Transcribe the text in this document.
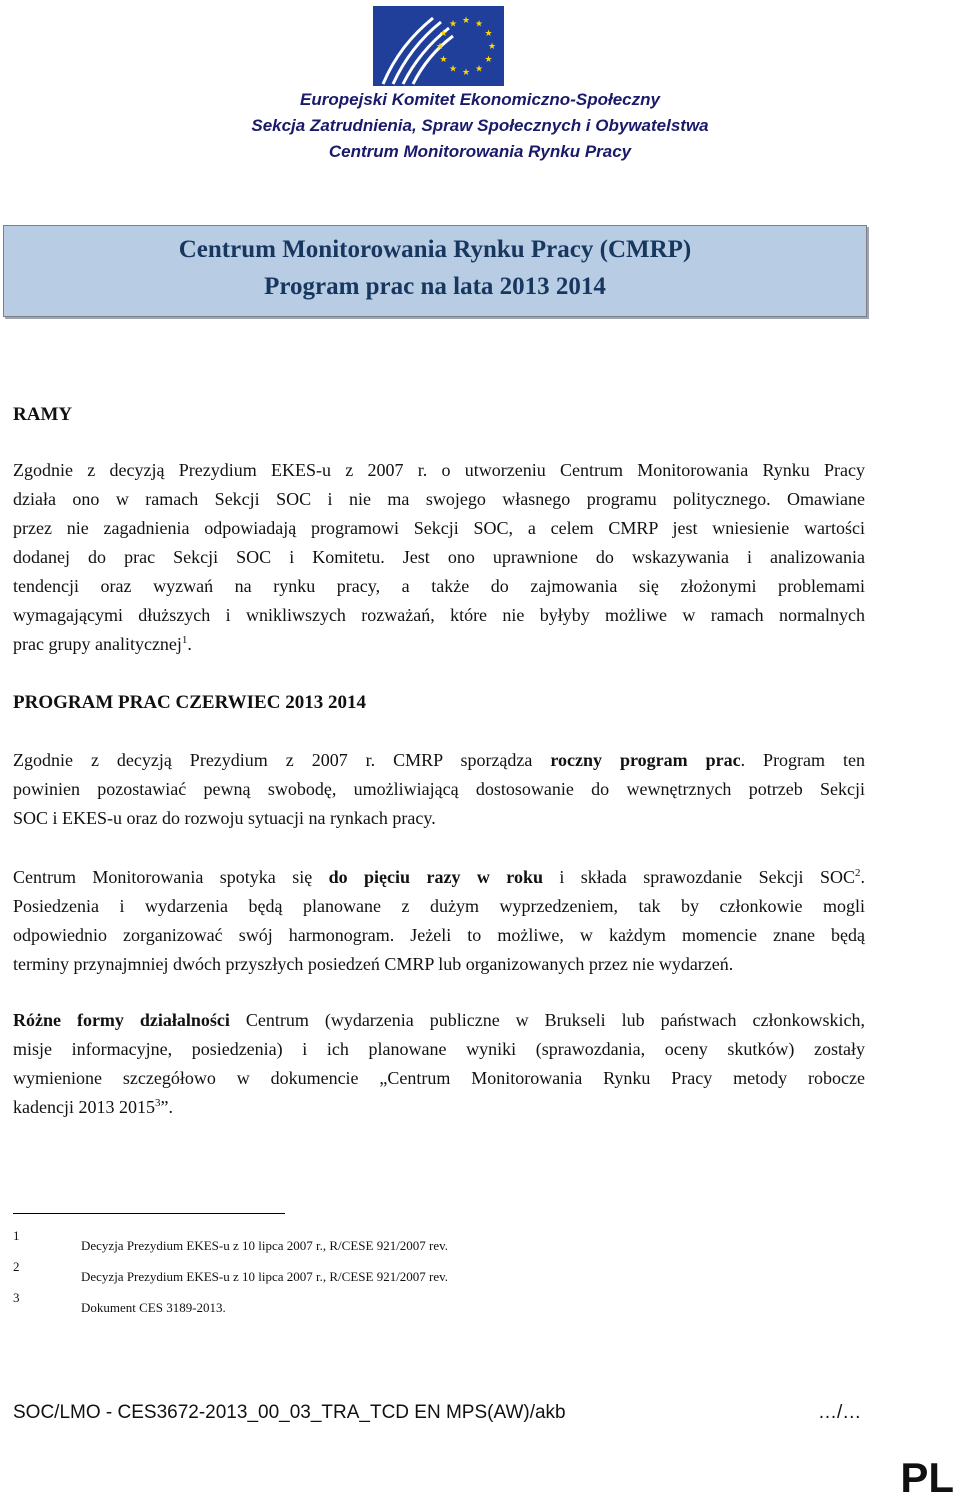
★ ★
★
★
★
★
★
★
★
★
★
★
Europejski Komitet Ekonomiczno-Społeczny
Sekcja Zatrudnienia, Spraw Społecznych i Obywatelstwa
Centrum Monitorowania Rynku Pracy
Centrum Monitorowania Rynku Pracy (CMRP)
Program prac na lata 2013 2014
RAMY
Zgodnie z decyzją Prezydium EKES-u z 2007 r. o utworzeniu Centrum Monitorowania Rynku Pracy
działa ono w ramach Sekcji SOC i nie ma swojego własnego programu politycznego. Omawiane
przez nie zagadnienia odpowiadają programowi Sekcji SOC, a celem CMRP jest wniesienie wartości
dodanej do prac Sekcji SOC i Komitetu. Jest ono uprawnione do wskazywania i analizowania
tendencji oraz wyzwań na rynku pracy, a także do zajmowania się złożonymi problemami
wymagającymi dłuższych i wnikliwszych rozważań, które nie byłyby możliwe w ramach normalnych
prac grupy analitycznej$^1$.
PROGRAM PRAC CZERWIEC 2013 2014
Zgodnie z decyzją Prezydium z 2007 r. CMRP sporządza roczny program prac. Program ten
powinien pozostawiać pewną swobodę, umożliwiającą dostosowanie do wewnętrznych potrzeb Sekcji
SOC i EKES-u oraz do rozwoju sytuacji na rynkach pracy.
Centrum Monitorowania spotyka się do pięciu razy w roku i składa sprawozdanie Sekcji SOC$^2$.
Posiedzenia i wydarzenia będą planowane z dużym wyprzedzeniem, tak by członkowie mogli
odpowiednio zorganizować swój harmonogram. Jeżeli to możliwe, w każdym momencie znane będą
terminy przynajmniej dwóch przyszłych posiedzeń CMRP lub organizowanych przez nie wydarzeń.
Różne formy działalności Centrum (wydarzenia publiczne w Brukseli lub państwach członkowskich,
misje informacyjne, posiedzenia) i ich planowane wyniki (sprawozdania, oceny skutków) zostały
wymienione szczegółowo w dokumencie „Centrum Monitorowania Rynku Pracy metody robocze
kadencji 2013 2015$^3$”.
1
Decyzja Prezydium EKES-u z 10 lipca 2007 r., R/CESE 921/2007 rev.
2
Decyzja Prezydium EKES-u z 10 lipca 2007 r., R/CESE 921/2007 rev.
3
Dokument CES 3189-2013.
SOC/LMO - CES3672-2013_00_03_TRA_TCD EN MPS(AW)/akb	…/…
PL
